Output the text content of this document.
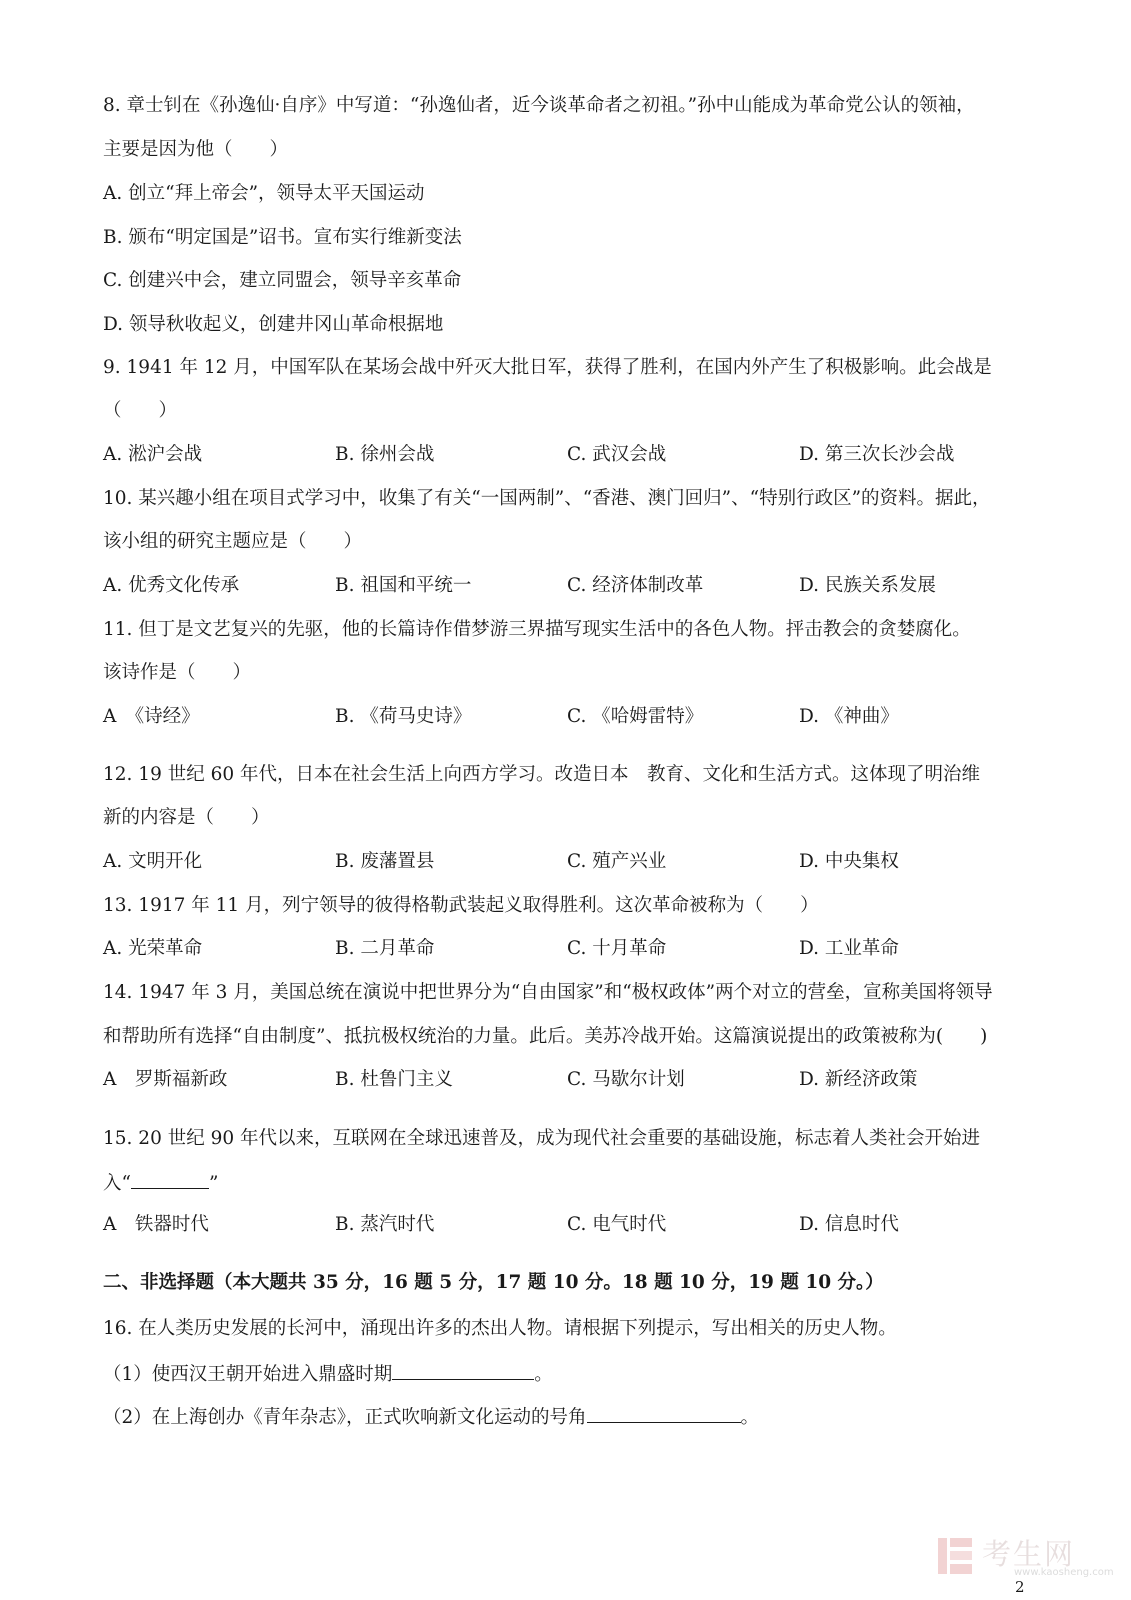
8. 章士钊在《孙逸仙·自序》中写道：“孙逸仙者，近今谈革命者之初祖。”孙中山能成为革命党公认的领袖，
主要是因为他（　　）
A. 创立“拜上帝会”，领导太平天国运动
B. 颁布“明定国是”诏书。宣布实行维新变法
C. 创建兴中会，建立同盟会，领导辛亥革命
D. 领导秋收起义，创建井冈山革命根据地
9. 1941 年 12 月，中国军队在某场会战中歼灭大批日军，获得了胜利，在国内外产生了积极影响。此会战是
（　　）
A. 淞沪会战	B. 徐州会战	C. 武汉会战	D. 第三次长沙会战
10. 某兴趣小组在项目式学习中，收集了有关“一国两制”、“香港、澳门回归”、“特别行政区”的资料。据此，
该小组的研究主题应是（　　）
A. 优秀文化传承	B. 祖国和平统一	C. 经济体制改革	D. 民族关系发展
11. 但丁是文艺复兴的先驱，他的长篇诗作借梦游三界描写现实生活中的各色人物。抨击教会的贪婪腐化。
该诗作是（　　）
A　《诗经》	B. 《荷马史诗》	C. 《哈姆雷特》	D. 《神曲》
12. 19 世纪 60 年代，日本在社会生活上向西方学习。改造日本　教育、文化和生活方式。这体现了明治维
新的内容是（　　）
A. 文明开化	B. 废藩置县	C. 殖产兴业	D. 中央集权
13. 1917 年 11 月，列宁领导的彼得格勒武装起义取得胜利。这次革命被称为（　　）
A. 光荣革命	B. 二月革命	C. 十月革命	D. 工业革命
14. 1947 年 3 月，美国总统在演说中把世界分为“自由国家”和“极权政体”两个对立的营垒，宣称美国将领导
和帮助所有选择“自由制度”、抵抗极权统治的力量。此后。美苏冷战开始。这篇演说提出的政策被称为(　　)
A　罗斯福新政	B. 杜鲁门主义	C. 马歇尔计划	D. 新经济政策
15. 20 世纪 90 年代以来，互联网在全球迅速普及，成为现代社会重要的基础设施，标志着人类社会开始进
入“	”
A　铁器时代	B. 蒸汽时代	C. 电气时代	D. 信息时代
二、非选择题（本大题共 35 分，16 题 5 分，17 题 10 分。18 题 10 分，19 题 10 分。）
16. 在人类历史发展的长河中，涌现出许多的杰出人物。请根据下列提示，写出相关的历史人物。
（1）使西汉王朝开始进入鼎盛时期	。
（2）在上海创办《青年杂志》，正式吹响新文化运动的号角	。
考生网
www.kaosheng.com
2
